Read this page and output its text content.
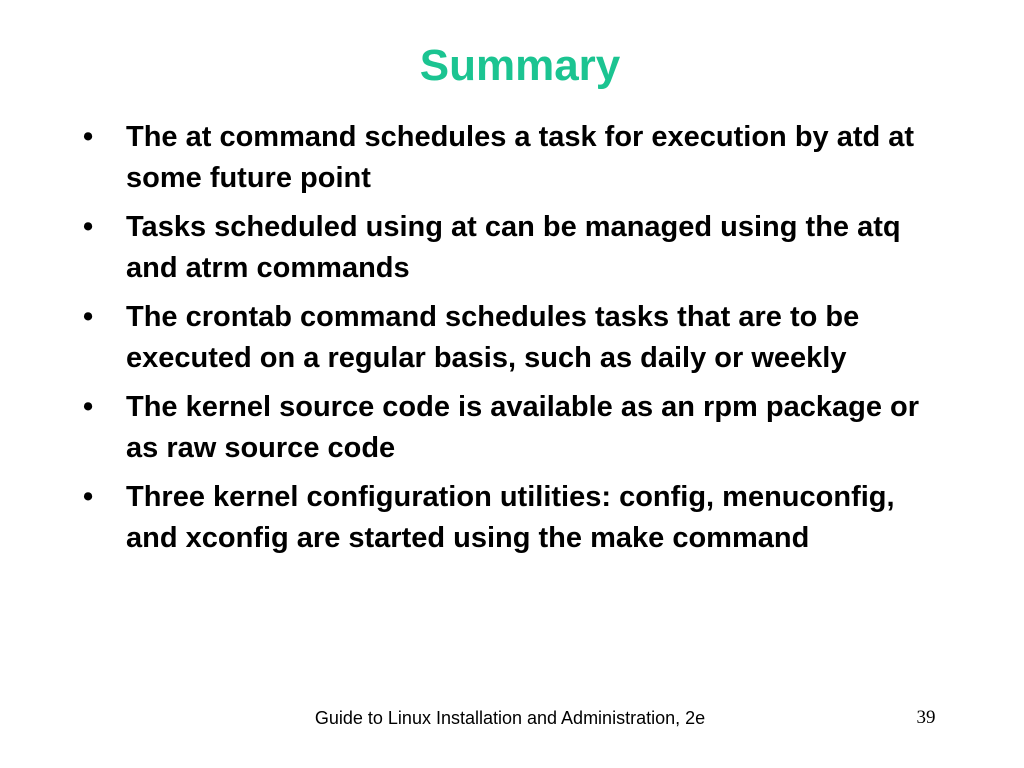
Summary
•	The at command schedules a task for execution by atd at some future point
•	Tasks scheduled using at can be managed using the atq and atrm commands
•	The crontab command schedules tasks that are to be executed on a regular basis, such as daily or weekly
•	The kernel source code is available as an rpm package or as raw source code
•	Three kernel configuration utilities: config, menuconfig, and xconfig are started using the make command
Guide to Linux Installation and Administration, 2e	39
